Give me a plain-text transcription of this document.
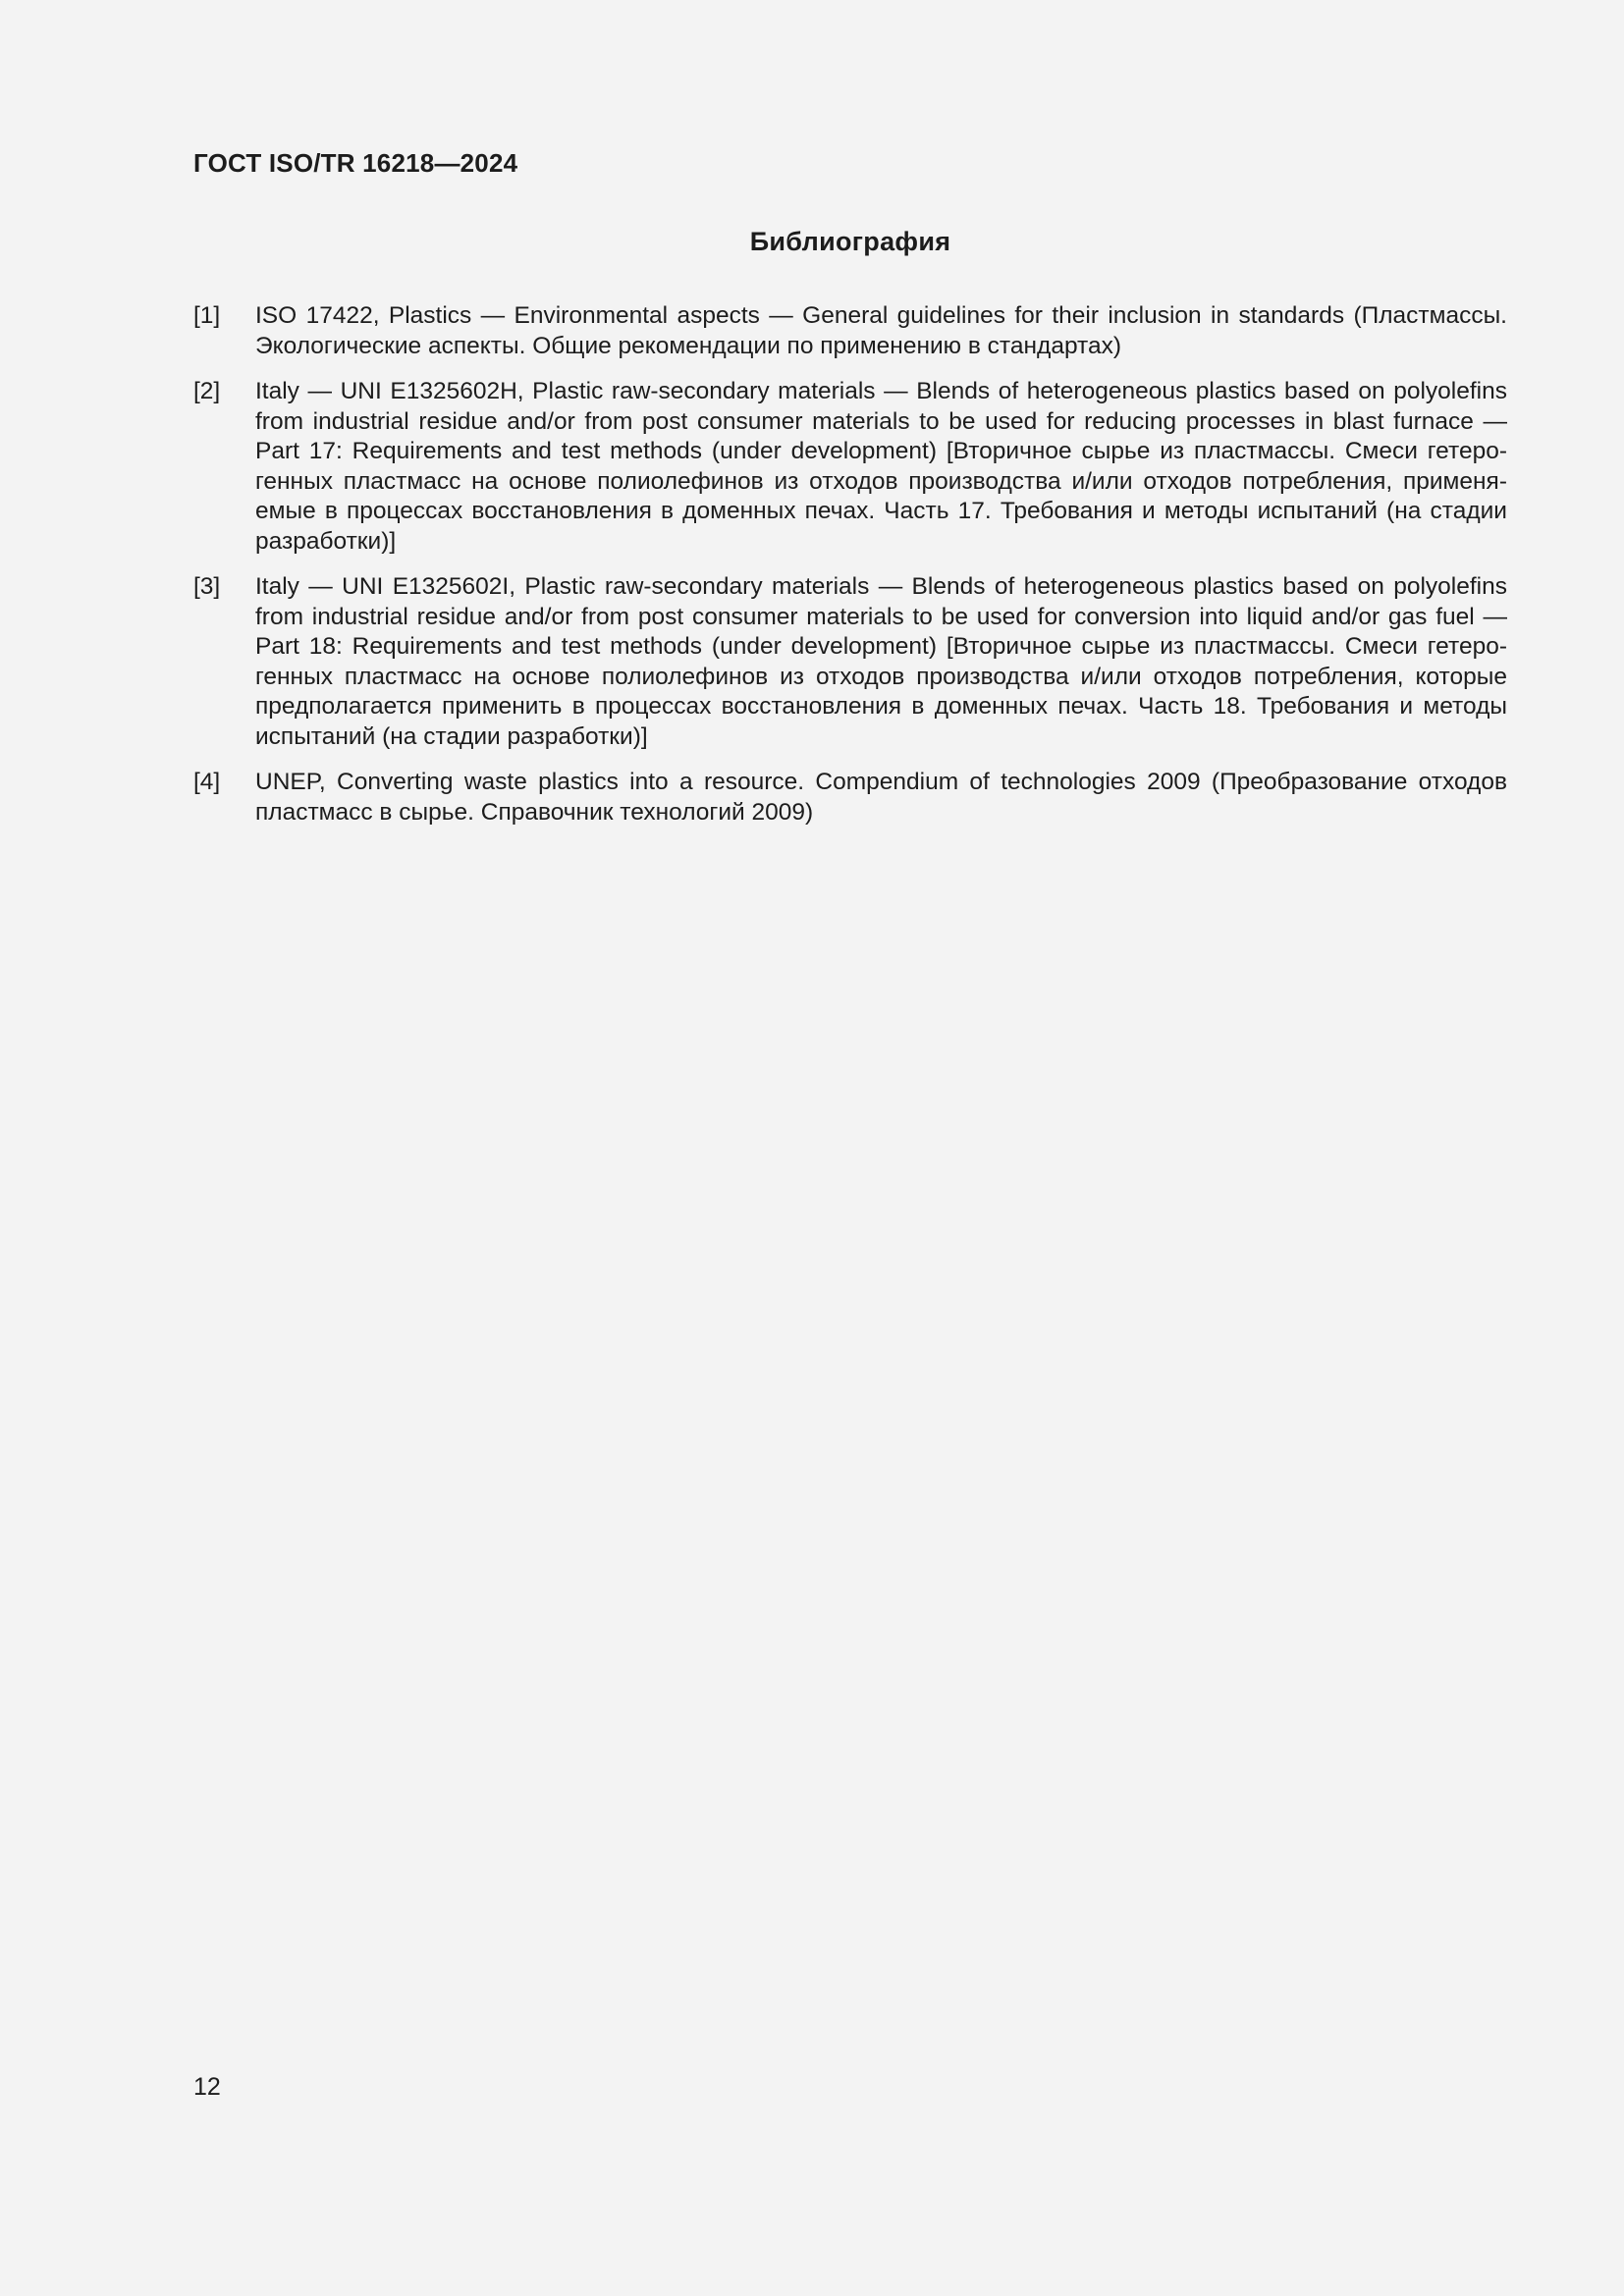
ГОСТ ISO/TR 16218—2024
Библиография
[1]	ISO 17422, Plastics — Environmental aspects — General guidelines for their inclusion in standards (Пластмассы. Экологические аспекты. Общие рекомендации по применению в стандартах)
[2]	Italy — UNI E1325602H, Plastic raw-secondary materials — Blends of heterogeneous plastics based on polyolefins from industrial residue and/or from post consumer materials to be used for reducing processes in blast furnace — Part 17: Requirements and test methods (under development) [Вторичное сырье из пластмассы. Смеси гетерогенных пластмасс на основе полиолефинов из отходов производства и/или отходов потребления, применяемые в процессах восстановления в доменных печах. Часть 17. Требования и методы испытаний (на стадии разработки)]
[3]	Italy — UNI E1325602I, Plastic raw-secondary materials — Blends of heterogeneous plastics based on polyolefins from industrial residue and/or from post consumer materials to be used for conversion into liquid and/or gas fuel — Part 18: Requirements and test methods (under development) [Вторичное сырье из пластмассы. Смеси гетерогенных пластмасс на основе полиолефинов из отходов производства и/или отходов потребления, которые предполагается применить в процессах восстановления в доменных печах. Часть 18. Требования и методы испытаний (на стадии разработки)]
[4]	UNEP, Converting waste plastics into a resource. Compendium of technologies 2009 (Преобразование отходов пластмасс в сырье. Справочник технологий 2009)
12
